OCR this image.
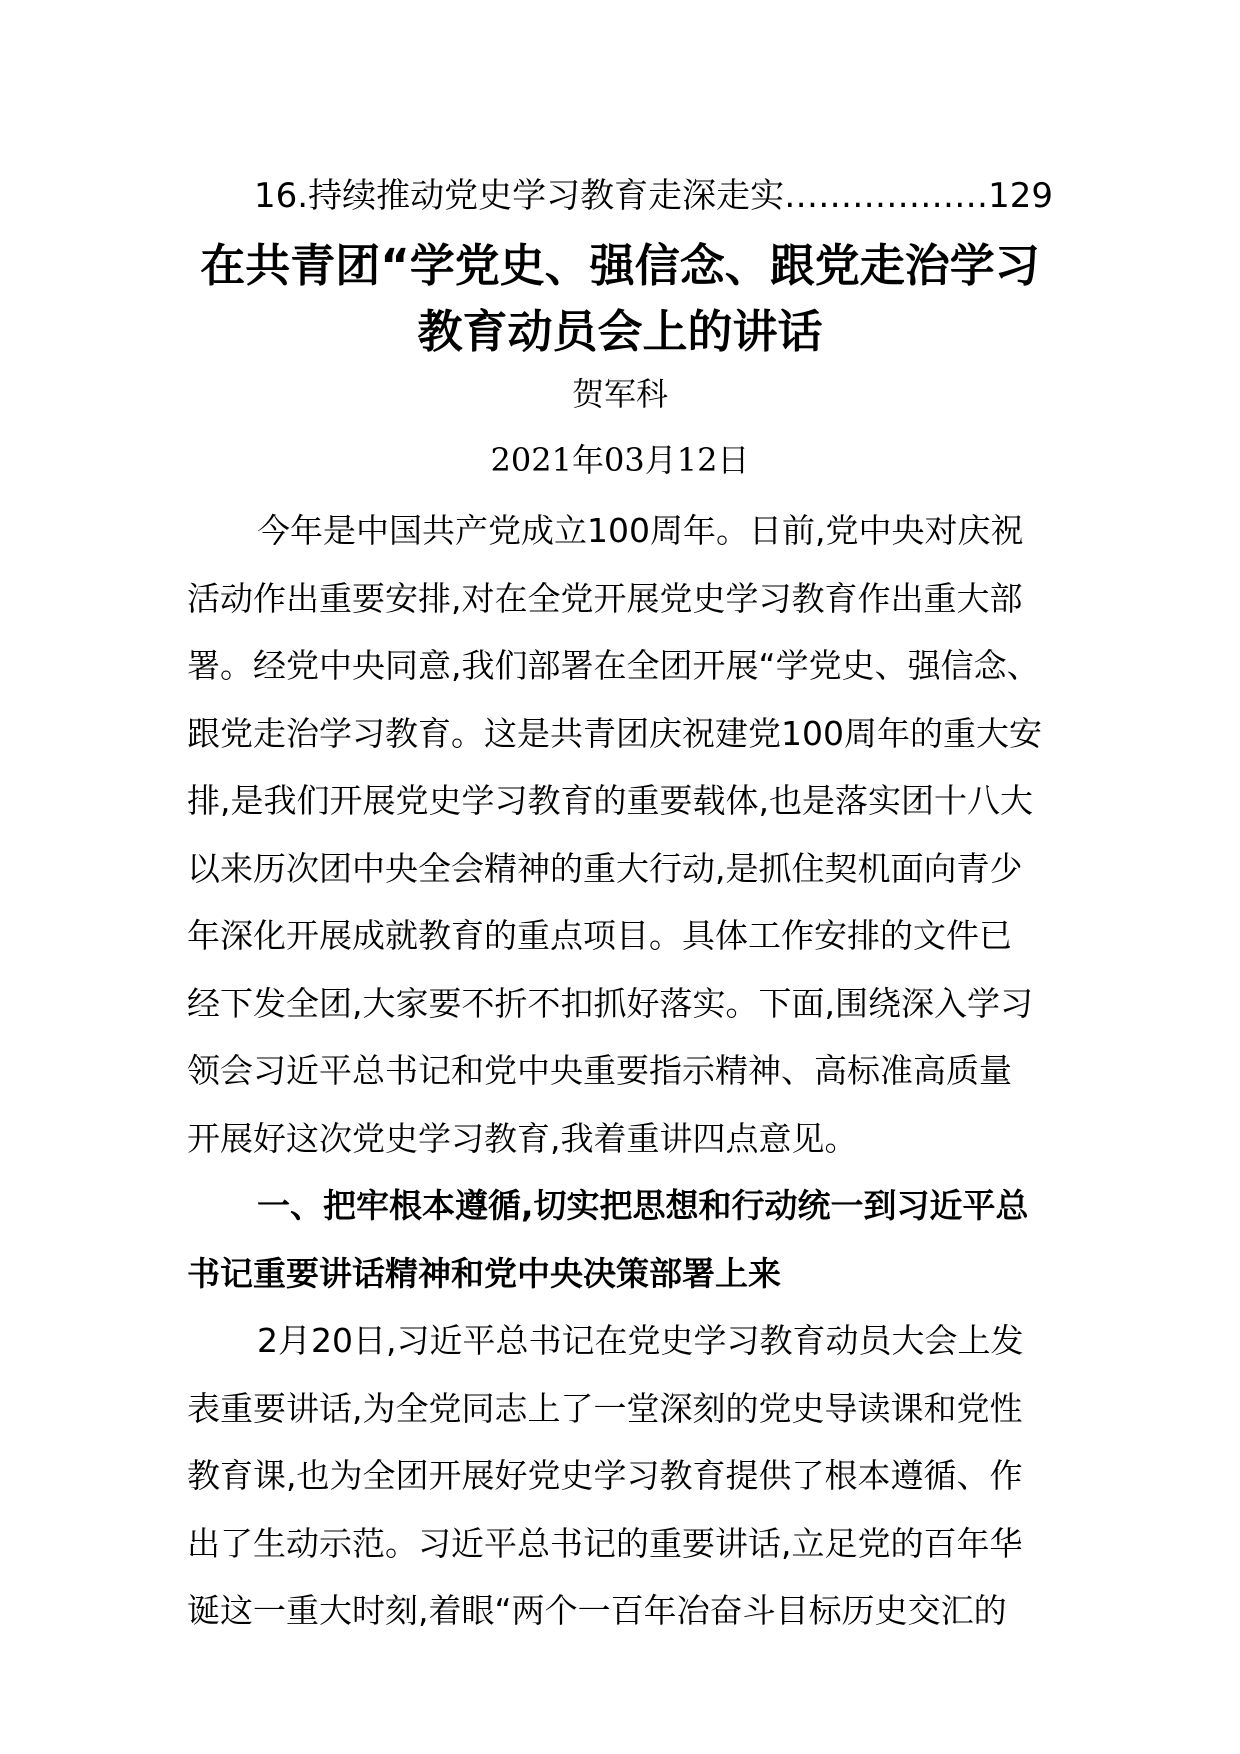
16.持续推动党史学习教育走深走实………………129
在共青团“学党史、强信念、跟党走治学习
教育动员会上的讲话
贺军科
2021年03月12日
今年是中国共产党成立100周年。日前,党中央对庆祝
活动作出重要安排,对在全党开展党史学习教育作出重大部
署。经党中央同意,我们部署在全团开展“学党史、强信念、
跟党走治学习教育。这是共青团庆祝建党100周年的重大安
排,是我们开展党史学习教育的重要载体,也是落实团十八大
以来历次团中央全会精神的重大行动,是抓住契机面向青少
年深化开展成就教育的重点项目。具体工作安排的文件已
经下发全团,大家要不折不扣抓好落实。下面,围绕深入学习
领会习近平总书记和党中央重要指示精神、高标准高质量
开展好这次党史学习教育,我着重讲四点意见。
一、把牢根本遵循,切实把思想和行动统一到习近平总
书记重要讲话精神和党中央决策部署上来
2月20日,习近平总书记在党史学习教育动员大会上发
表重要讲话,为全党同志上了一堂深刻的党史导读课和党性
教育课,也为全团开展好党史学习教育提供了根本遵循、作
出了生动示范。习近平总书记的重要讲话,立足党的百年华
诞这一重大时刻,着眼“两个一百年冶奋斗目标历史交汇的
